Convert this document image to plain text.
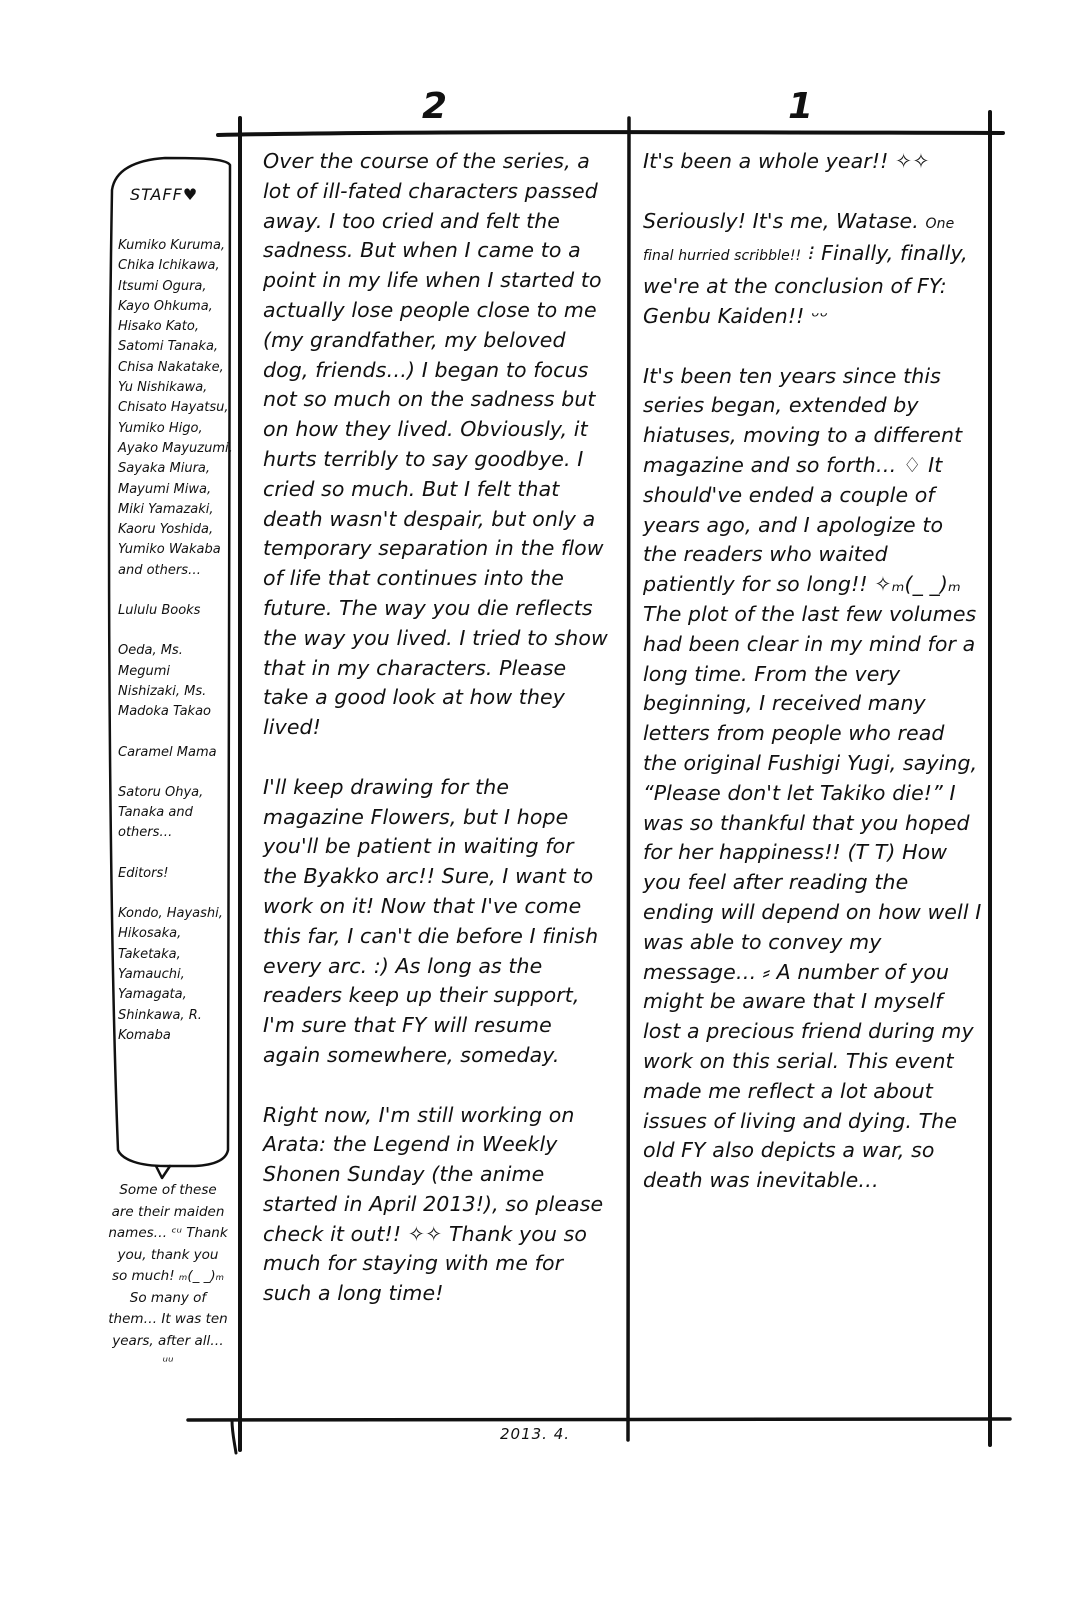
2	1

Over the course of the series, a lot of ill-fated characters passed away. I too cried and felt the sadness. But when I came to a point in my life when I started to actually lose people close to me (my grandfather, my beloved dog, friends…) I began to focus not so much on the sadness but on how they lived. Obviously, it hurts terribly to say goodbye. I cried so much. But I felt that death wasn't despair, but only a temporary separation in the flow of life that continues into the future. The way you die reflects the way you lived. I tried to show that in my characters. Please take a good look at how they lived!

I'll keep drawing for the magazine Flowers, but I hope you'll be patient in waiting for the Byakko arc!! Sure, I want to work on it! Now that I've come this far, I can't die before I finish every arc. :) As long as the readers keep up their support, I'm sure that FY will resume again somewhere, someday.

Right now, I'm still working on Arata: the Legend in Weekly Shonen Sunday (the anime started in April 2013!), so please check it out!! ✧✧ Thank you so much for staying with me for such a long time!

It's been a whole year!! ✧✧

Seriously! It's me, Watase. One final hurried scribble!! ⁝ Finally, finally, we're at the conclusion of FY: Genbu Kaiden!! ᵕᵕ

It's been ten years since this series began, extended by hiatuses, moving to a different magazine and so forth… ♢ It should've ended a couple of years ago, and I apologize to the readers who waited patiently for so long!! ✧ₘ(_ _)ₘ The plot of the last few volumes had been clear in my mind for a long time. From the very beginning, I received many letters from people who read the original Fushigi Yugi, saying, “Please don't let Takiko die!” I was so thankful that you hoped for her happiness!! (T T) How you feel after reading the ending will depend on how well I was able to convey my message… ⸗ A number of you might be aware that I myself lost a precious friend during my work on this serial. This event made me reflect a lot about issues of living and dying. The old FY also depicts a war, so death was inevitable…

STAFF♥

Kumiko Kuruma, Chika Ichikawa, Itsumi Ogura, Kayo Ohkuma, Hisako Kato, Satomi Tanaka, Chisa Nakatake, Yu Nishikawa, Chisato Hayatsu, Yumiko Higo, Ayako Mayuzumi, Sayaka Miura, Mayumi Miwa, Miki Yamazaki, Kaoru Yoshida, Yumiko Wakaba and others…

Lululu Books

Oeda, Ms. Megumi Nishizaki, Ms. Madoka Takao

Caramel Mama

Satoru Ohya, Tanaka and others…

Editors!

Kondo, Hayashi, Hikosaka, Taketaka, Yamauchi, Yamagata, Shinkawa, R. Komaba

Some of these are their maiden names… ᶜᵘ Thank you, thank you so much! ₘ(_ _)ₘ So many of them… It was ten years, after all… ᵘᵘ
2013. 4.
